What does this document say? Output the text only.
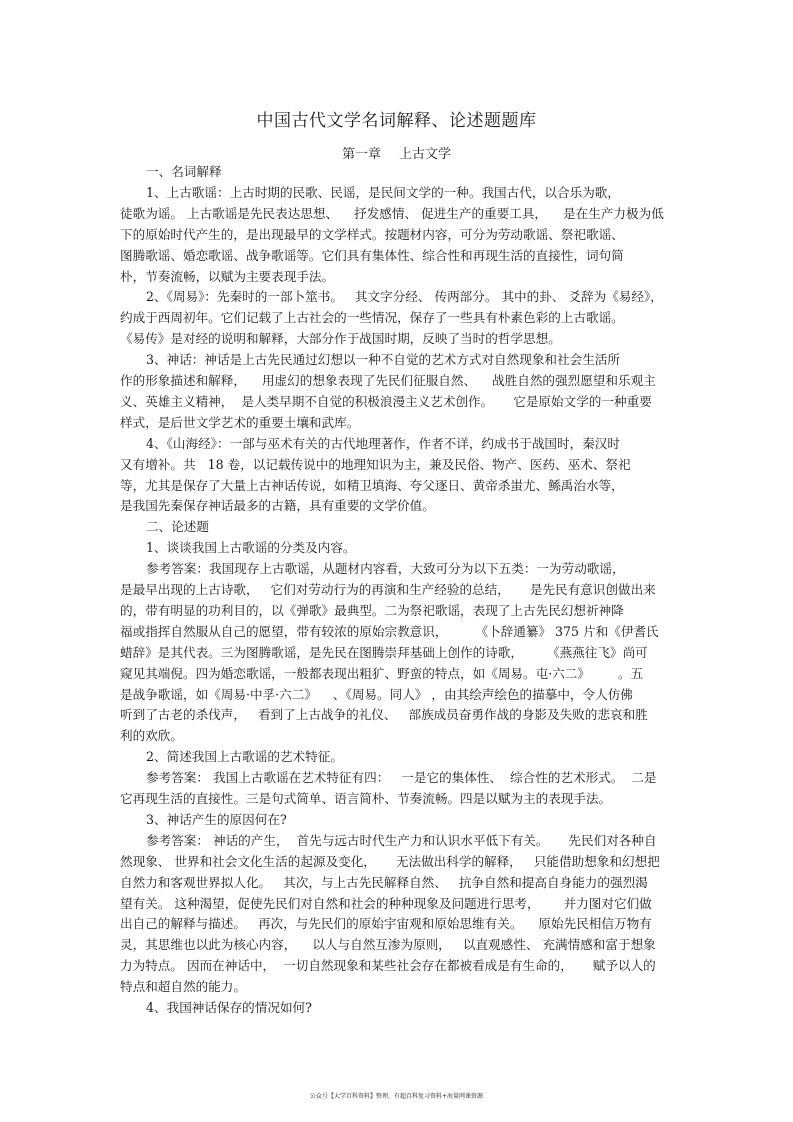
中国古代文学名词解释、论述题题库
第一章 上古文学
一、名词解释
1、上古歌谣：上古时期的民歌、民谣，是民间文学的一种。我国古代，以合乐为歌，
徒歌为谣。 上古歌谣是先民表达思想、    抒发感情、 促进生产的重要工具，    是在生产力极为低
下的原始时代产生的，是出现最早的文学样式。按题材内容，可分为劳动歌谣、祭祀歌谣、
图腾歌谣、婚恋歌谣、战争歌谣等。它们具有集体性、综合性和再现生活的直接性，词句简
朴，节奏流畅，以赋为主要表现手法。
2、《周易》：先秦时的一部卜筮书。   其文字分经、 传两部分。 其中的卦、 爻辞为《易经》，
约成于西周初年。它们记载了上古社会的一些情况，保存了一些具有朴素色彩的上古歌谣。
《易传》是对经的说明和解释，大部分作于战国时期，反映了当时的哲学思想。
3、神话：神话是上古先民通过幻想以一种不自觉的艺术方式对自然现象和社会生活所
作的形象描述和解释，    用虚幻的想象表现了先民们征服自然、    战胜自然的强烈愿望和乐观主
义、英雄主义精神，  是人类早期不自觉的积极浪漫主义艺术创作。     它是原始文学的一种重要
样式，是后世文学艺术的重要土壤和武库。
4、《山海经》：一部与巫术有关的古代地理著作，作者不详，约成书于战国时，秦汉时
又有增补。共   18 卷，以记载传说中的地理知识为主，兼及民俗、物产、医药、巫术、祭祀
等，尤其是保存了大量上古神话传说，如精卫填海、夸父逐日、黄帝杀蚩尤、鲧禹治水等，
是我国先秦保存神话最多的古籍，具有重要的文学价值。
二、论述题
1、谈谈我国上古歌谣的分类及内容。
参考答案：我国现存上古歌谣，从题材内容看，大致可分为以下五类：一为劳动歌谣，
是最早出现的上古诗歌，   它们对劳动行为的再演和生产经验的总结，     是先民有意识创做出来
的，带有明显的功利目的，以《弹歌》最典型。二为祭祀歌谣，表现了上古先民幻想祈神降
福或指挥自然服从自己的愿望，带有较浓的原始宗教意识，       《卜辞通纂》 375 片和《伊耆氏
蜡辞》是其代表。三为图腾歌谣，是先民在图腾崇拜基础上创作的诗歌，      《燕燕往飞》尚可
窥见其端倪。四为婚恋歌谣，一般都表现出粗犷、野蛮的特点，如《周易。屯·六二》       。五
是战争歌谣，如《周易·中孚·六二》    、《周易。同人》 ，由其绘声绘色的描摹中，令人仿佛
听到了古老的杀伐声，   看到了上古战争的礼仪、   部族成员奋勇作战的身影及失败的悲哀和胜
利的欢欣。
2、简述我国上古歌谣的艺术特征。
参考答案： 我国上古歌谣在艺术特征有四：   一是它的集体性、  综合性的艺术形式。  二是
它再现生活的直接性。三是句式简单、语言简朴、节奏流畅。四是以赋为主的表现手法。
3、神话产生的原因何在?
参考答案： 神话的产生，  首先与远古时代生产力和认识水平低下有关。     先民们对各种自
然现象、 世界和社会文化生活的起源及变化，     无法做出科学的解释，   只能借助想象和幻想把
自然力和客观世界拟人化。   其次，与上古先民解释自然、   抗争自然和提高自身能力的强烈渴
望有关。 这种渴望，促使先民们对自然和社会的种种现象及问题进行思考，      并力图对它们做
出自己的解释与描述。   再次，与先民们的原始宇宙观和原始思维有关。    原始先民相信万物有
灵，其思维也以此为核心内容，    以人与自然互渗为原则，   以直观感性、 充满情感和富于想象
力为特点。 因而在神话中，  一切自然现象和某些社会存在都被看成是有生命的，     赋予以人的
特点和超自然的能力。
4、我国神话保存的情况如何?
公众号【大学百科资料】整理，有超百科复习资料+海量网课资源
